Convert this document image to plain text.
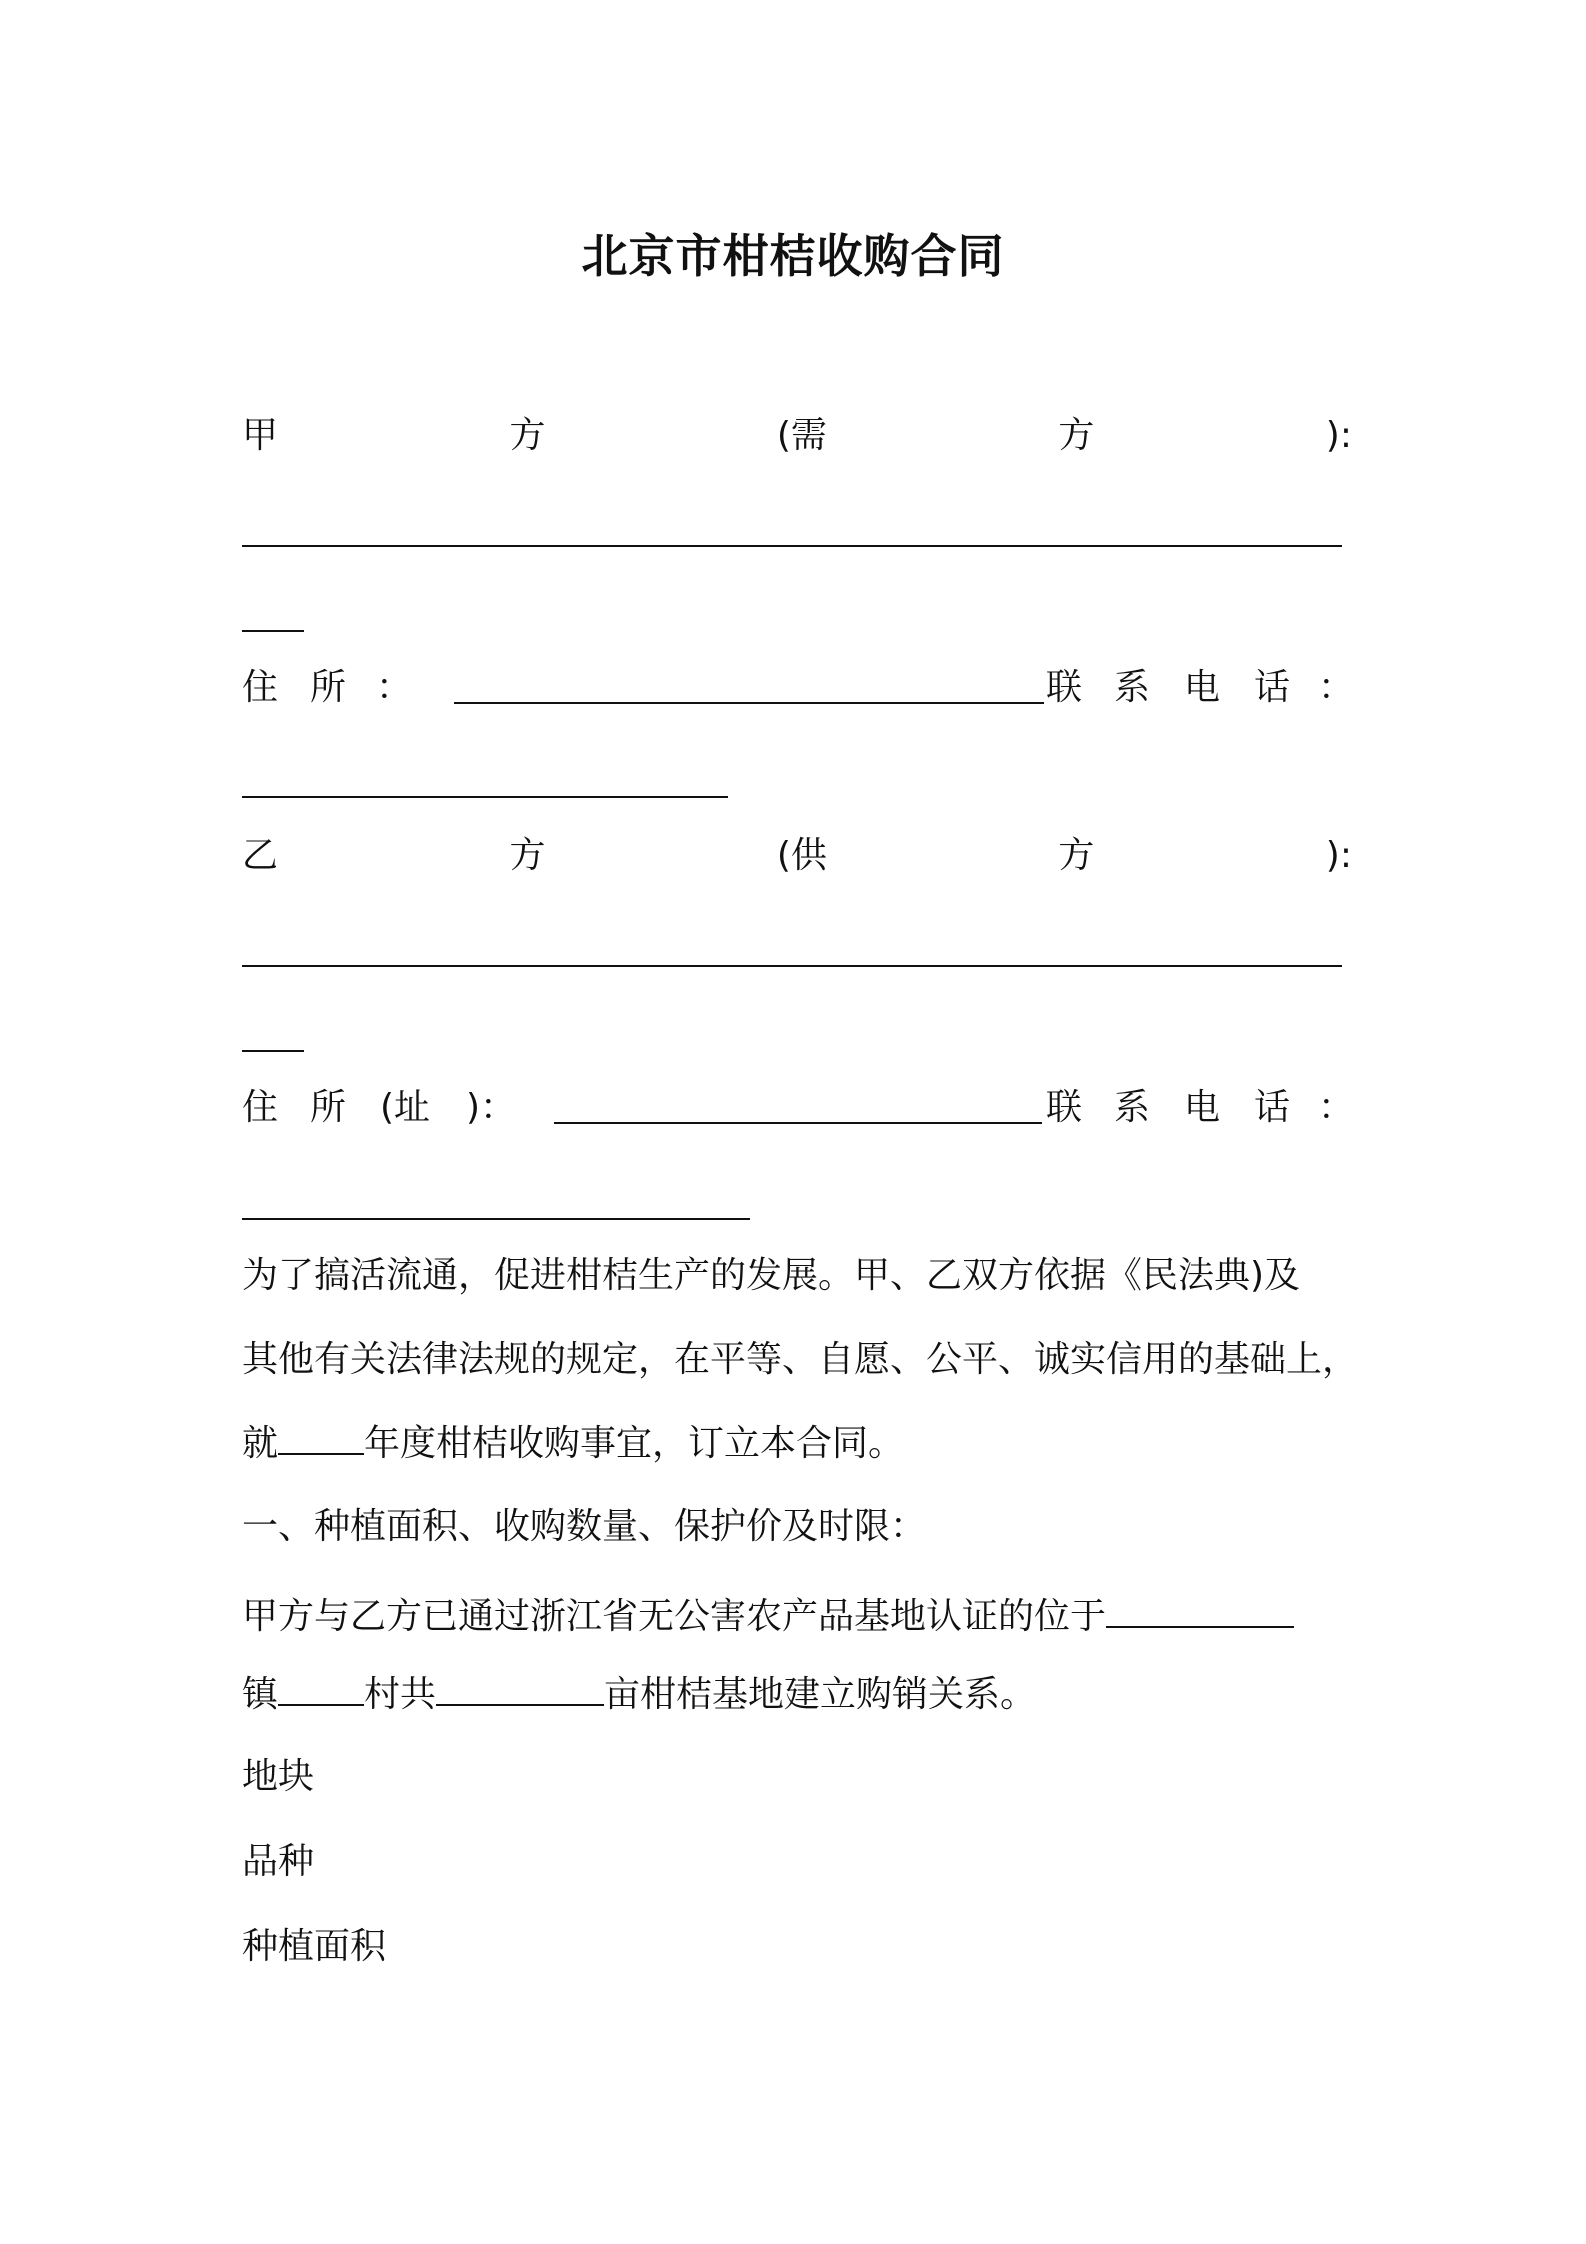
北京市柑桔收购合同
甲	方	(需	方	):
住 所 ：	联 系 电 话 ：
乙	方	(供	方	):
住 所 (址 )：	联 系 电 话 ：
为了搞活流通，促进柑桔生产的发展。甲、乙双方依据《民法典)及
其他有关法律法规的规定，在平等、自愿、公平、诚实信用的基础上，
就 年度柑桔收购事宜，订立本合同。
一、种植面积、收购数量、保护价及时限：
甲方与乙方已通过浙江省无公害农产品基地认证的位于
镇 村共	亩柑桔基地建立购销关系。
地块
品种
种植面积
